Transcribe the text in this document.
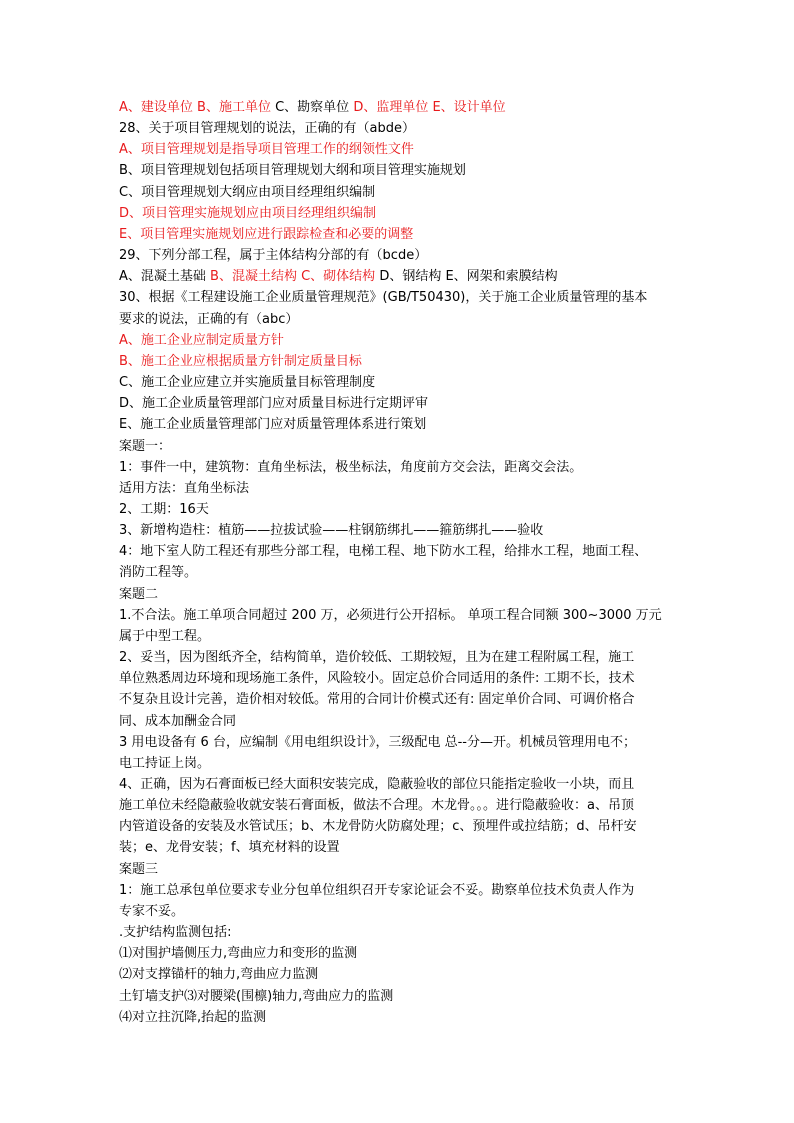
A、建设单位 B、施工单位 C、勘察单位 D、监理单位 E、设计单位
28、关于项目管理规划的说法，正确的有（abde）
A、项目管理规划是指导项目管理工作的纲领性文件
B、项目管理规划包括项目管理规划大纲和项目管理实施规划
C、项目管理规划大纲应由项目经理组织编制
D、项目管理实施规划应由项目经理组织编制
E、项目管理实施规划应进行跟踪检查和必要的调整
29、下列分部工程，属于主体结构分部的有（bcde）
A、混凝土基础 B、混凝土结构 C、砌体结构 D、钢结构 E、网架和索膜结构
30、根据《工程建设施工企业质量管理规范》(GB/T50430)，关于施工企业质量管理的基本
要求的说法，正确的有（abc）
A、施工企业应制定质量方针
B、施工企业应根据质量方针制定质量目标
C、施工企业应建立并实施质量目标管理制度
D、施工企业质量管理部门应对质量目标进行定期评审
E、施工企业质量管理部门应对质量管理体系进行策划
案题一：
1：事件一中，建筑物：直角坐标法，极坐标法，角度前方交会法，距离交会法。
适用方法：直角坐标法
2、工期：16天
3、新增构造柱：植筋——拉拔试验——柱钢筋绑扎——箍筋绑扎——验收
4：地下室人防工程还有那些分部工程，电梯工程、地下防水工程，给排水工程，地面工程、
消防工程等。
案题二
1.不合法。施工单项合同超过 200 万，必须进行公开招标。 单项工程合同额 300~3000 万元
属于中型工程。
2、妥当，因为图纸齐全，结构简单，造价较低、工期较短，且为在建工程附属工程，施工
单位熟悉周边环境和现场施工条件，风险较小。固定总价合同适用的条件: 工期不长，技术
不复杂且设计完善，造价相对较低。常用的合同计价模式还有: 固定单价合同、可调价格合
同、成本加酬金合同
3 用电设备有 6 台，应编制《用电组织设计》，三级配电 总--分—开。机械员管理用电不；
电工持证上岗。
4、正确，因为石膏面板已经大面积安装完成，隐蔽验收的部位只能指定验收一小块，而且
施工单位未经隐蔽验收就安装石膏面板，做法不合理。木龙骨。。。进行隐蔽验收：a、吊顶
内管道设备的安装及水管试压；b、木龙骨防火防腐处理；c、预埋件或拉结筋；d、吊杆安
装；e、龙骨安装；f、填充材料的设置
案题三
1：施工总承包单位要求专业分包单位组织召开专家论证会不妥。勘察单位技术负责人作为
专家不妥。
.支护结构监测包括:
⑴对围护墙侧压力,弯曲应力和变形的监测
⑵对支撑锚杆的轴力,弯曲应力监测
土钉墙支护⑶对腰梁(围檩)轴力,弯曲应力的监测
⑷对立拄沉降,抬起的监测
